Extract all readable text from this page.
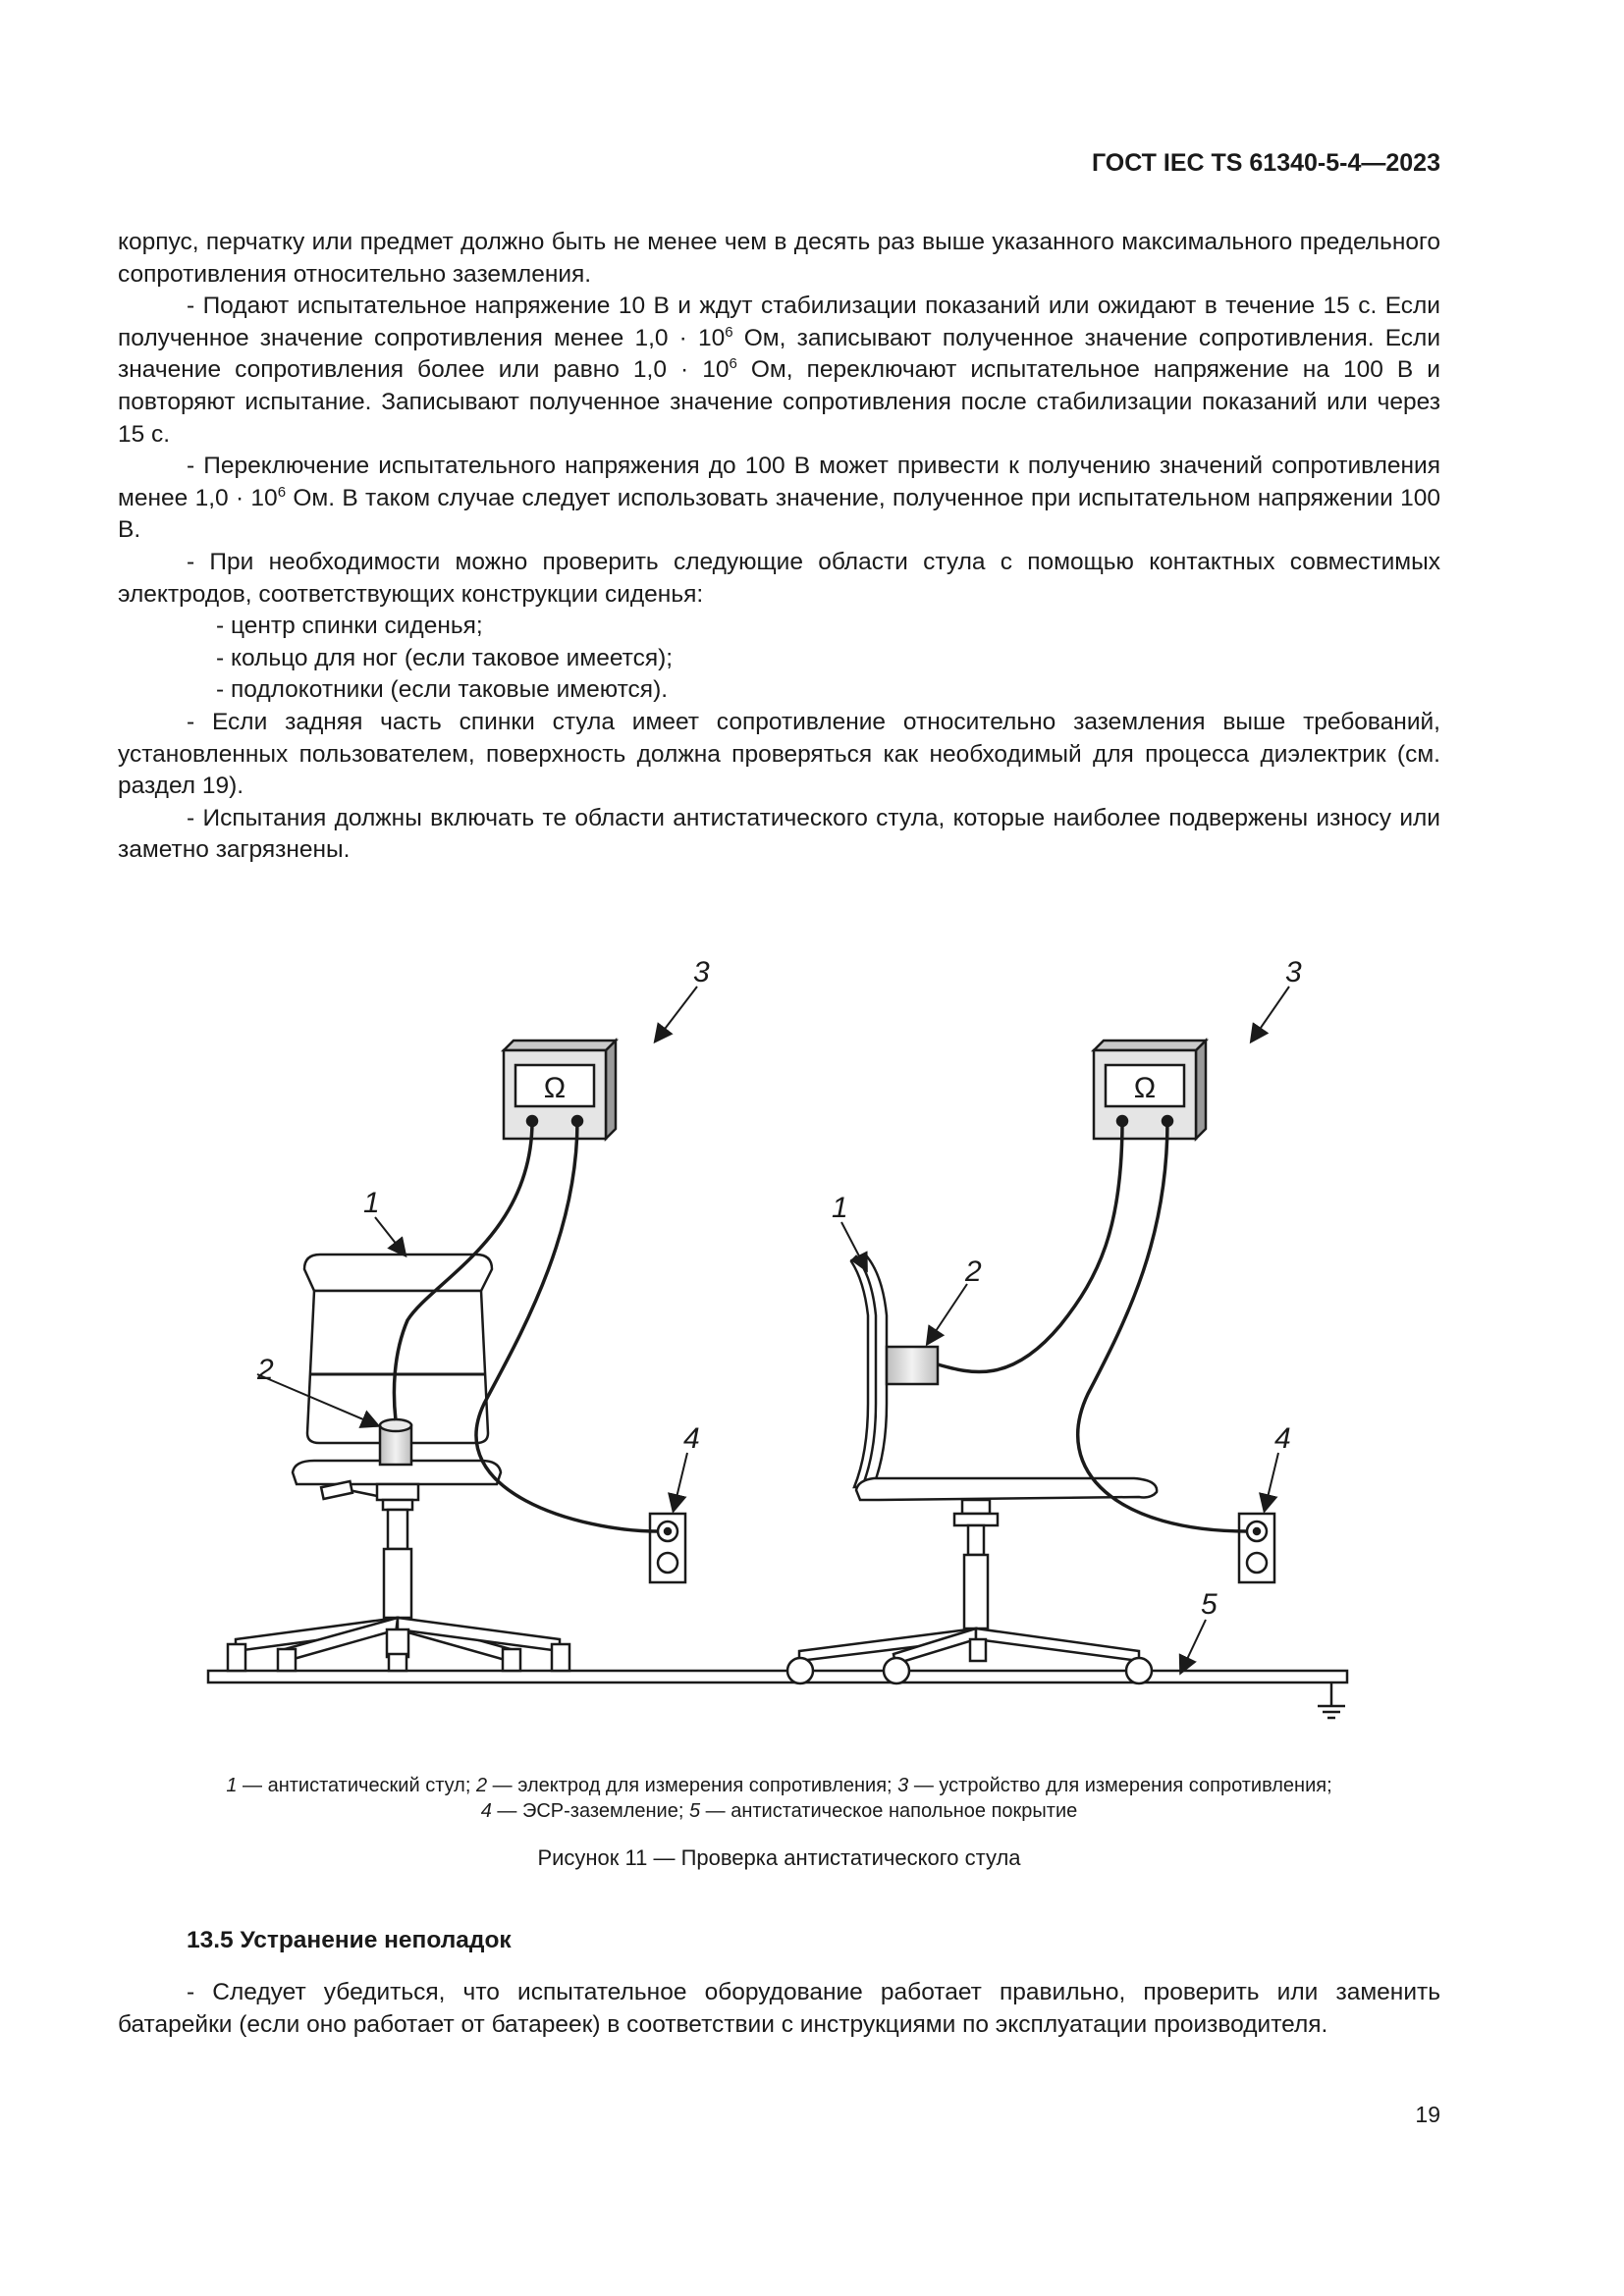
ГОСТ IEC TS 61340-5-4—2023

корпус, перчатку или предмет должно быть не менее чем в десять раз выше указанного максимального предельного сопротивления относительно заземления.

- Подают испытательное напряжение 10 В и ждут стабилизации показаний или ожидают в течение 15 с. Если полученное значение сопротивления менее $1,0 \cdot 10^6$ Ом, записывают полученное значение сопротивления. Если значение сопротивления более или равно $1,0 \cdot 10^6$ Ом, переключают испытательное напряжение на 100 В и повторяют испытание. Записывают полученное значение сопротивления после стабилизации показаний или через 15 с.

- Переключение испытательного напряжения до 100 В может привести к получению значений сопротивления менее $1,0 \cdot 10^6$ Ом. В таком случае следует использовать значение, полученное при испытательном напряжении 100 В.

- При необходимости можно проверить следующие области стула с помощью контактных совместимых электродов, соответствующих конструкции сиденья:

- центр спинки сиденья;

- кольцо для ног (если таковое имеется);

- подлокотники (если таковые имеются).

- Если задняя часть спинки стула имеет сопротивление относительно заземления выше требований, установленных пользователем, поверхность должна проверяться как необходимый для процесса диэлектрик (см. раздел 19).

- Испытания должны включать те области антистатического стула, которые наиболее подвержены износу или заметно загрязнены.

Ω	Ω
3	3
1
2
1
2
4	4
5
1 — антистатический стул; 2 — электрод для измерения сопротивления; 3 — устройство для измерения сопротивления;
4 — ЭСР-заземление; 5 — антистатическое напольное покрытие
Рисунок 11 — Проверка антистатического стула
13.5 Устранение неполадок

- Следует убедиться, что испытательное оборудование работает правильно, проверить или заменить батарейки (если оно работает от батареек) в соответствии с инструкциями по эксплуатации производителя.

19
